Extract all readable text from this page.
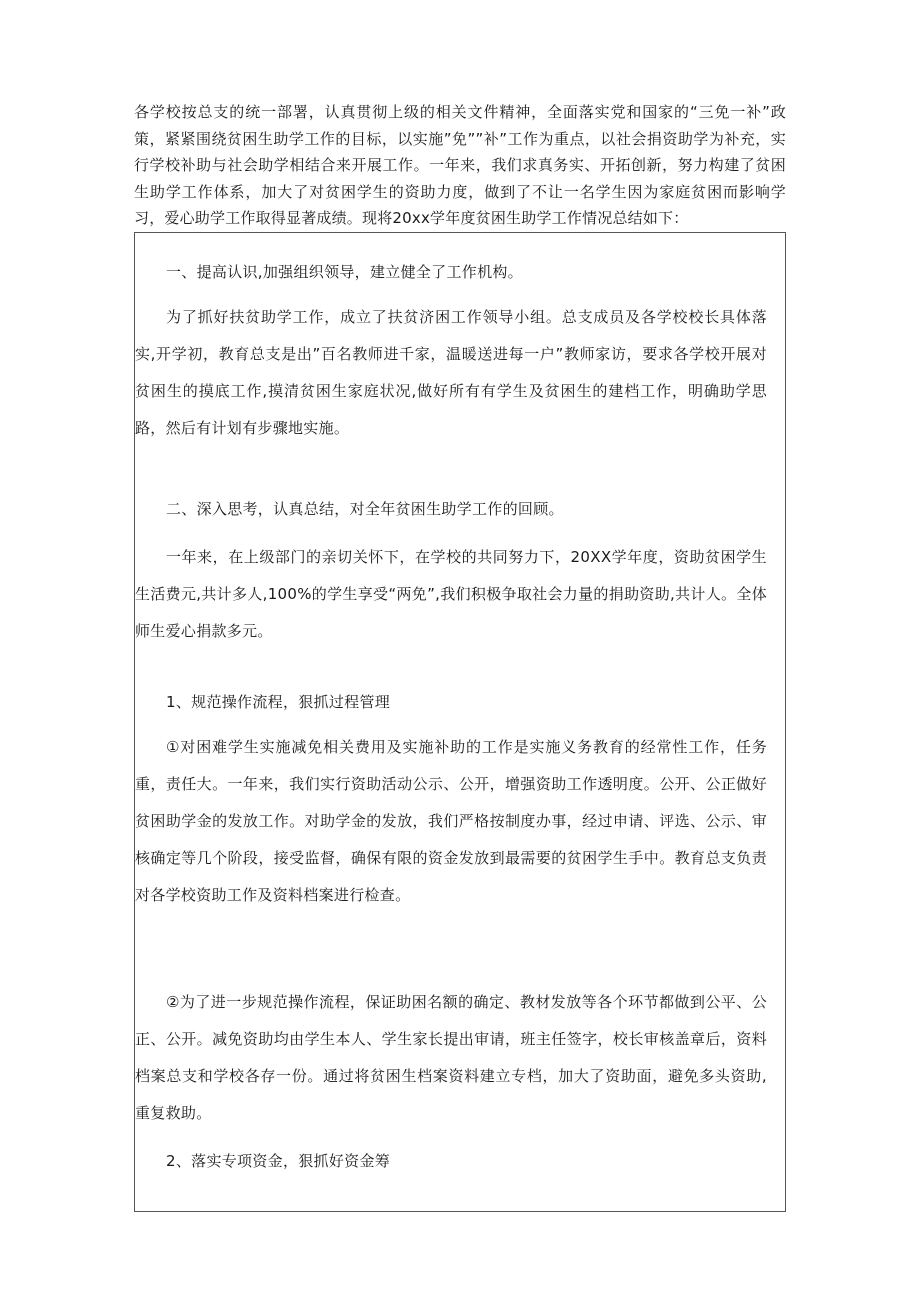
各学校按总支的统一部署，认真贯彻上级的相关文件精神，全面落实党和国家的“三免一补”政策，紧紧围绕贫困生助学工作的目标，以实施”免””补”工作为重点，以社会捐资助学为补充，实行学校补助与社会助学相结合来开展工作。一年来，我们求真务实、开拓创新，努力构建了贫困生助学工作体系，加大了对贫困学生的资助力度，做到了不让一名学生因为家庭贫困而影响学习，爱心助学工作取得显著成绩。现将20xx学年度贫困生助学工作情况总结如下：

一、提高认识,加强组织领导，建立健全了工作机构。

为了抓好扶贫助学工作，成立了扶贫济困工作领导小组。总支成员及各学校校长具体落实,开学初，教育总支是出”百名教师进千家，温暖送进每一户”教师家访，要求各学校开展对贫困生的摸底工作,摸清贫困生家庭状况,做好所有有学生及贫困生的建档工作，明确助学思路，然后有计划有步骤地实施。

二、深入思考，认真总结，对全年贫困生助学工作的回顾。

一年来，在上级部门的亲切关怀下，在学校的共同努力下，20XX学年度，资助贫困学生生活费元,共计多人,100%的学生享受“两免”,我们积极争取社会力量的捐助资助,共计人。全体师生爱心捐款多元。

1、规范操作流程，狠抓过程管理

①对困难学生实施减免相关费用及实施补助的工作是实施义务教育的经常性工作，任务重，责任大。一年来，我们实行资助活动公示、公开，增强资助工作透明度。公开、公正做好贫困助学金的发放工作。对助学金的发放，我们严格按制度办事，经过申请、评选、公示、审核确定等几个阶段，接受监督，确保有限的资金发放到最需要的贫困学生手中。教育总支负责对各学校资助工作及资料档案进行检查。

②为了进一步规范操作流程，保证助困名额的确定、教材发放等各个环节都做到公平、公正、公开。减免资助均由学生本人、学生家长提出审请，班主任签字，校长审核盖章后，资料档案总支和学校各存一份。通过将贫困生档案资料建立专档，加大了资助面，避免多头资助,重复救助。

2、落实专项资金，狠抓好资金筹
